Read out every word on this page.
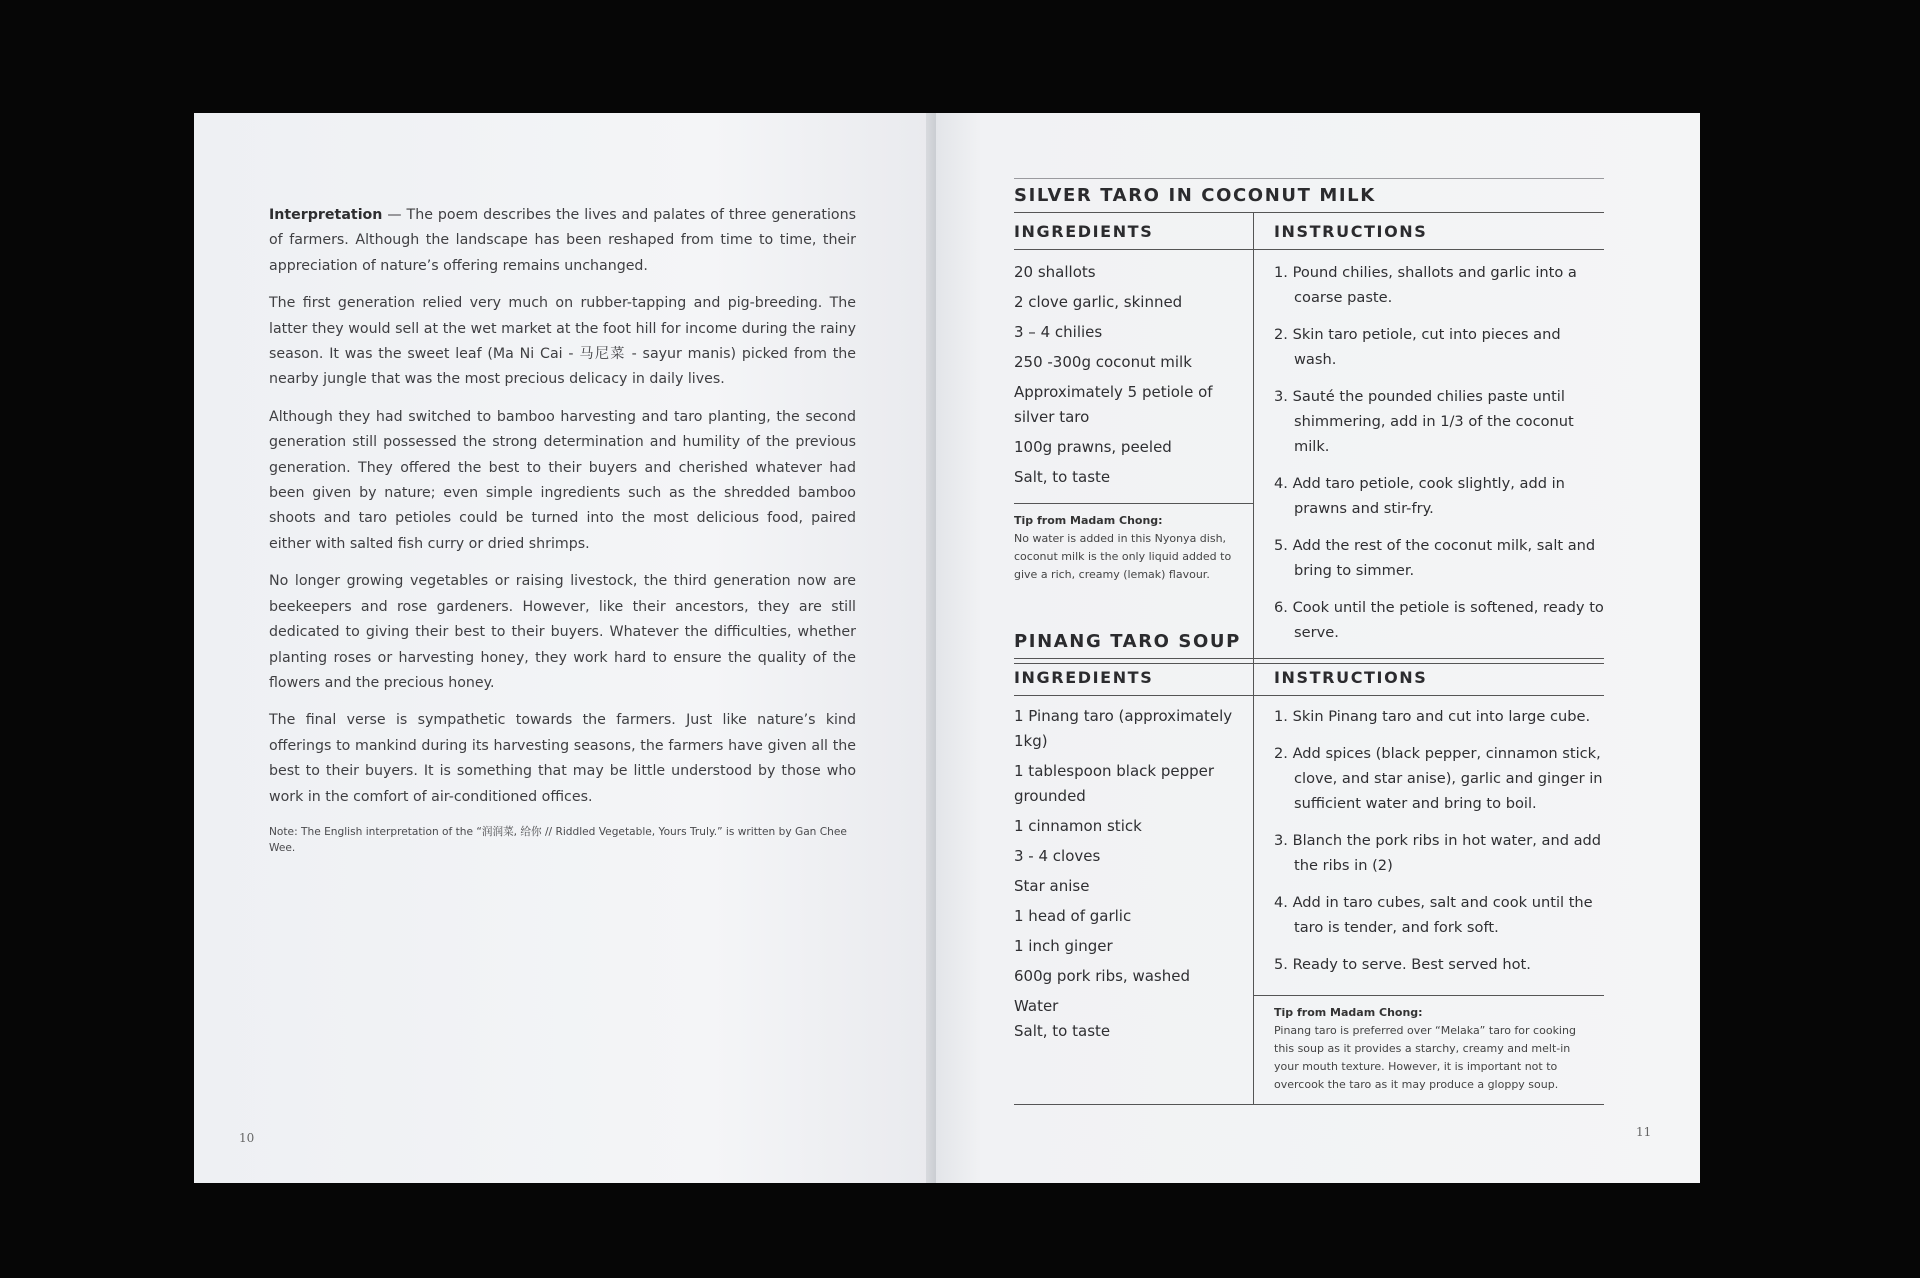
Interpretation — The poem describes the lives and palates of three generations of farmers. Although the landscape has been reshaped from time to time, their appreciation of nature’s offering remains unchanged.

The first generation relied very much on rubber-tapping and pig-breeding. The latter they would sell at the wet market at the foot hill for income during the rainy season. It was the sweet leaf (Ma Ni Cai - 马尼菜 - sayur manis) picked from the nearby jungle that was the most precious delicacy in daily lives.

Although they had switched to bamboo harvesting and taro planting, the second generation still possessed the strong determination and humility of the previous generation. They offered the best to their buyers and cherished whatever had been given by nature; even simple ingredients such as the shredded bamboo shoots and taro petioles could be turned into the most delicious food, paired either with salted fish curry or dried shrimps.

No longer growing vegetables or raising livestock, the third generation now are beekeepers and rose gardeners. However, like their ancestors, they are still dedicated to giving their best to their buyers. Whatever the difficulties, whether planting roses or harvesting honey, they work hard to ensure the quality of the flowers and the precious honey.

The final verse is sympathetic towards the farmers. Just like nature’s kind offerings to mankind during its harvesting seasons, the farmers have given all the best to their buyers. It is something that may be little understood by those who work in the comfort of air-conditioned offices.

Note: The English interpretation of the “润润菜, 给你 // Riddled Vegetable, Yours Truly.” is written by Gan Chee Wee.

10
SILVER TARO IN COCONUT MILK
INGREDIENTS	INSTRUCTIONS
20 shallots
2 clove garlic, skinned
3 – 4 chilies
250 -300g coconut milk
Approximately 5 petiole of silver taro
100g prawns, peeled
Salt, to taste
Tip from Madam Chong:
No water is added in this Nyonya dish, coconut milk is the only liquid added to give a rich, creamy (lemak) flavour.
1. Pound chilies, shallots and garlic into a coarse paste.
2. Skin taro petiole, cut into pieces and wash.
3. Sauté the pounded chilies paste until shimmering, add in 1/3 of the coconut milk.
4. Add taro petiole, cook slightly, add in prawns and stir-fry.
5. Add the rest of the coconut milk, salt and bring to simmer.
6. Cook until the petiole is softened, ready to serve.
PINANG TARO SOUP
INGREDIENTS	INSTRUCTIONS
1 Pinang taro (approximately 1kg)
1 tablespoon black pepper grounded
1 cinnamon stick
3 - 4 cloves
Star anise
1 head of garlic
1 inch ginger
600g pork ribs, washed
Water
Salt, to taste
1. Skin Pinang taro and cut into large cube.
2. Add spices (black pepper, cinnamon stick, clove, and star anise), garlic and ginger in sufficient water and bring to boil.
3. Blanch the pork ribs in hot water, and add the ribs in (2)
4. Add in taro cubes, salt and cook until the taro is tender, and fork soft.
5. Ready to serve. Best served hot.
Tip from Madam Chong:
Pinang taro is preferred over “Melaka” taro for cooking this soup as it provides a starchy, creamy and melt-in your mouth texture. However, it is important not to overcook the taro as it may produce a gloppy soup.
11
